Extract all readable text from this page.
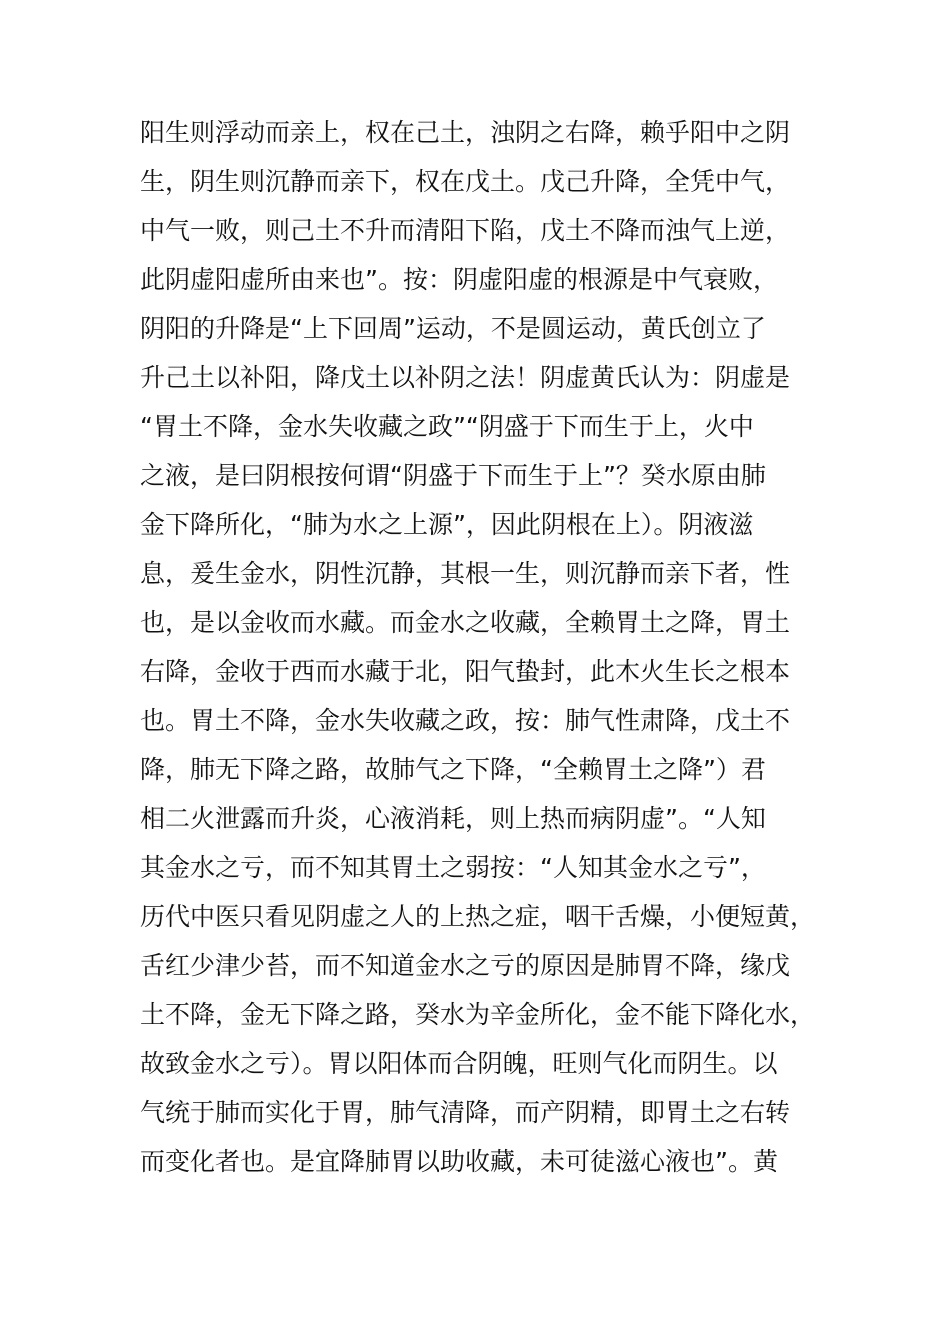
阳生则浮动而亲上，权在己土，浊阴之右降，赖乎阳中之阴
生，阴生则沉静而亲下，权在戊土。戊己升降，全凭中气，
中气一败，则己土不升而清阳下陷，戊土不降而浊气上逆，
此阴虚阳虚所由来也”。按：阴虚阳虚的根源是中气衰败，
阴阳的升降是“上下回周”运动，不是圆运动，黄氏创立了
升己土以补阳，降戊土以补阴之法！阴虚黄氏认为：阴虚是
“胃土不降，金水失收藏之政”“阴盛于下而生于上，火中
之液，是曰阴根按何谓“阴盛于下而生于上”？癸水原由肺
金下降所化，“肺为水之上源”，因此阴根在上）。阴液滋
息，爰生金水，阴性沉静，其根一生，则沉静而亲下者，性
也，是以金收而水藏。而金水之收藏，全赖胃土之降，胃土
右降，金收于西而水藏于北，阳气蛰封，此木火生长之根本
也。胃土不降，金水失收藏之政，按：肺气性肃降，戊土不
降，肺无下降之路，故肺气之下降，“全赖胃土之降”）君
相二火泄露而升炎，心液消耗，则上热而病阴虚”。“人知
其金水之亏，而不知其胃土之弱按：“人知其金水之亏”，
历代中医只看见阴虚之人的上热之症，咽干舌燥，小便短黄，
舌红少津少苔，而不知道金水之亏的原因是肺胃不降，缘戊
土不降，金无下降之路，癸水为辛金所化，金不能下降化水，
故致金水之亏）。胃以阳体而合阴魄，旺则气化而阴生。以
气统于肺而实化于胃，肺气清降，而产阴精，即胃土之右转
而变化者也。是宜降肺胃以助收藏，未可徒滋心液也”。黄
